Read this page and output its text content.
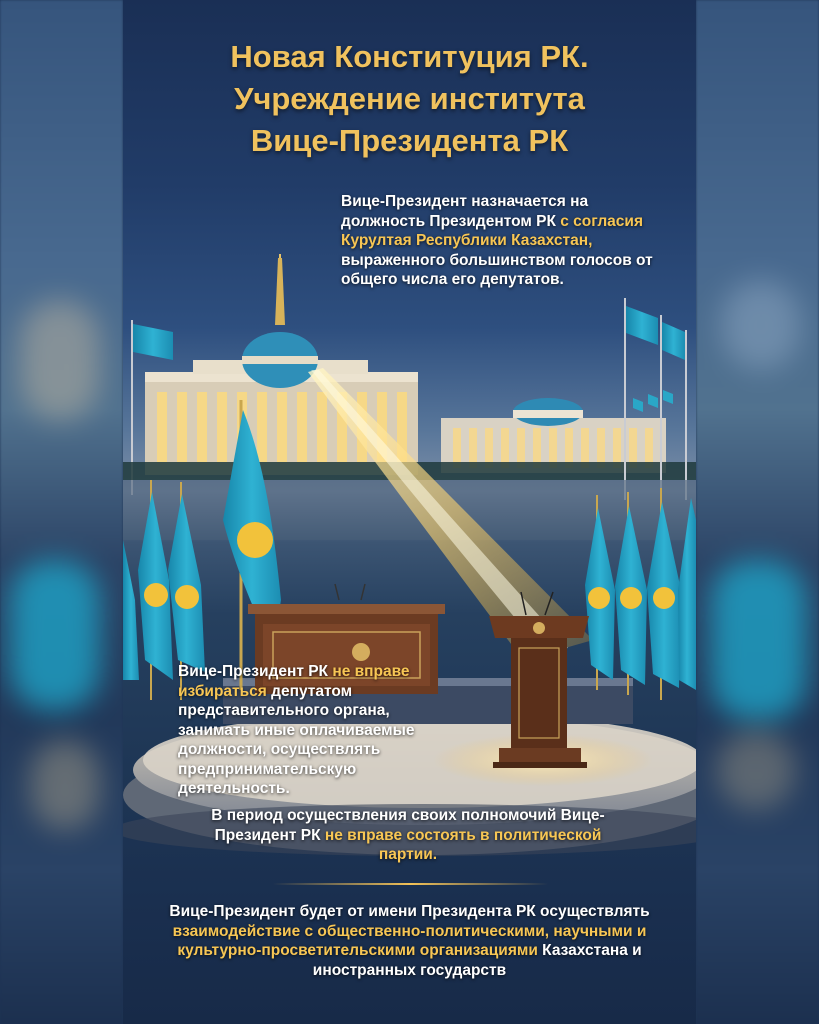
Новая Конституция РК.
Учреждение института
Вице-Президента РК
Вице-Президент назначается на должность Президентом РК с согласия Курултая Республики Казахстан, выраженного большинством голосов от общего числа его депутатов.
Вице-Президент РК не вправе избираться депутатом представительного органа, занимать иные оплачиваемые должности, осуществлять предпринимательскую деятельность.
В период осуществления своих полномочий Вице-Президент РК не вправе состоять в политической партии.
Вице-Президент будет от имени Президента РК осуществлять взаимодействие с общественно-политическими, научными и культурно-просветительскими организациями Казахстана и иностранных государств
